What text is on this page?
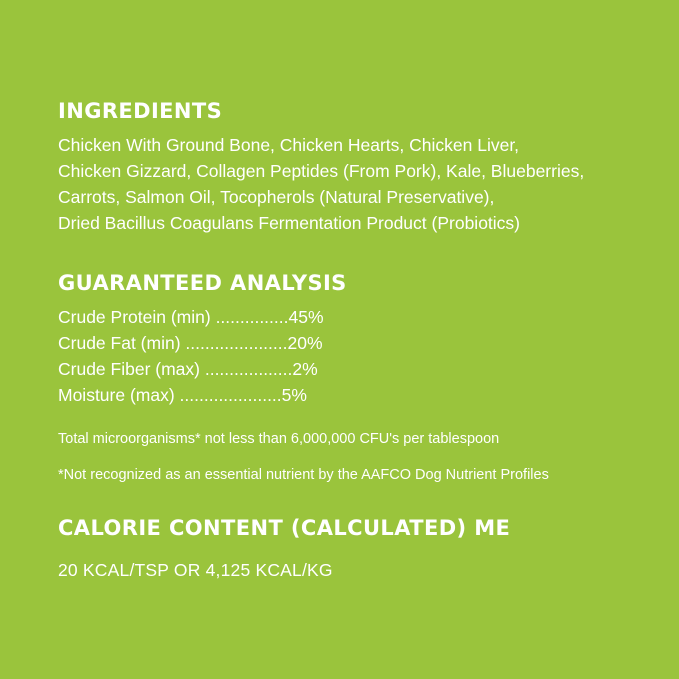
INGREDIENTS

Chicken With Ground Bone, Chicken Hearts, Chicken Liver,

Chicken Gizzard, Collagen Peptides (From Pork), Kale, Blueberries,

Carrots, Salmon Oil, Tocopherols (Natural Preservative),

Dried Bacillus Coagulans Fermentation Product (Probiotics)

GUARANTEED ANALYSIS
Crude Protein (min) ...............45%
Crude Fat (min) .....................20%
Crude Fiber (max) ..................2%
Moisture (max) .....................5%

Total microorganisms* not less than 6,000,000 CFU's per tablespoon

*Not recognized as an essential nutrient by the AAFCO Dog Nutrient Profiles

CALORIE CONTENT (CALCULATED) ME

20 KCAL/TSP OR 4,125 KCAL/KG
